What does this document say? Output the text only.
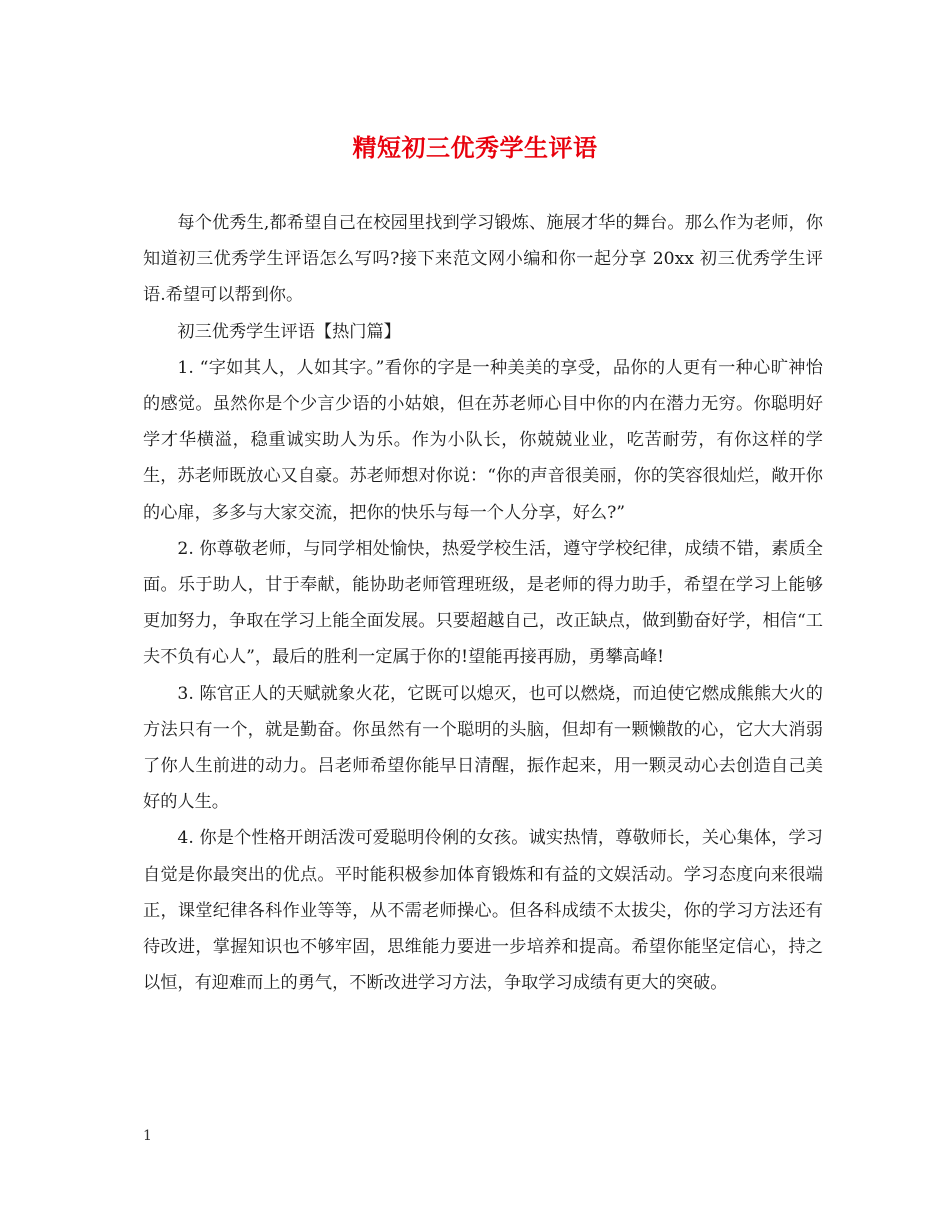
精短初三优秀学生评语

每个优秀生,都希望自己在校园里找到学习锻炼、施展才华的舞台。那么作为老师，你知道初三优秀学生评语怎么写吗?接下来范文网小编和你一起分享 20xx 初三优秀学生评语.希望可以帮到你。

初三优秀学生评语【热门篇】

1. “字如其人，人如其字。”看你的字是一种美美的享受，品你的人更有一种心旷神怡的感觉。虽然你是个少言少语的小姑娘，但在苏老师心目中你的内在潜力无穷。你聪明好学才华横溢，稳重诚实助人为乐。作为小队长，你兢兢业业，吃苦耐劳，有你这样的学生，苏老师既放心又自豪。苏老师想对你说：“你的声音很美丽，你的笑容很灿烂，敞开你的心扉，多多与大家交流，把你的快乐与每一个人分享，好么?”

2. 你尊敬老师，与同学相处愉快，热爱学校生活，遵守学校纪律，成绩不错，素质全面。乐于助人，甘于奉献，能协助老师管理班级，是老师的得力助手，希望在学习上能够更加努力，争取在学习上能全面发展。只要超越自己，改正缺点，做到勤奋好学，相信“工夫不负有心人”，最后的胜利一定属于你的!望能再接再励，勇攀高峰!

3. 陈官正人的天赋就象火花，它既可以熄灭，也可以燃烧，而迫使它燃成熊熊大火的方法只有一个，就是勤奋。你虽然有一个聪明的头脑，但却有一颗懒散的心，它大大消弱了你人生前进的动力。吕老师希望你能早日清醒，振作起来，用一颗灵动心去创造自己美好的人生。

4. 你是个性格开朗活泼可爱聪明伶俐的女孩。诚实热情，尊敬师长，关心集体，学习自觉是你最突出的优点。平时能积极参加体育锻炼和有益的文娱活动。学习态度向来很端正，课堂纪律各科作业等等，从不需老师操心。但各科成绩不太拔尖，你的学习方法还有待改进，掌握知识也不够牢固，思维能力要进一步培养和提高。希望你能坚定信心，持之以恒，有迎难而上的勇气，不断改进学习方法，争取学习成绩有更大的突破。

1
